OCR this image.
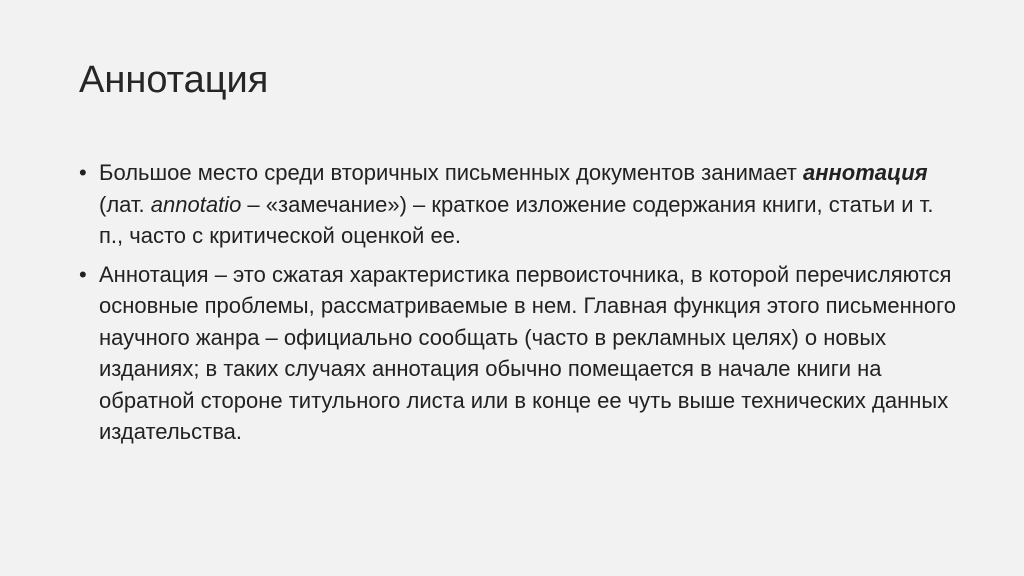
Аннотация
• Большое место среди вторичных письменных документов занимает аннотация (лат. annotatio – «замечание») – краткое изложение содержания книги, статьи и т. п., часто с критической оценкой ее.
• Аннотация – это сжатая характеристика первоисточника, в которой перечисляются основные проблемы, рассматриваемые в нем. Главная функция этого письменного научного жанра – официально сообщать (часто в рекламных целях) о новых изданиях; в таких случаях аннотация обычно помещается в начале книги на обратной стороне титульного листа или в конце ее чуть выше технических данных издательства.
